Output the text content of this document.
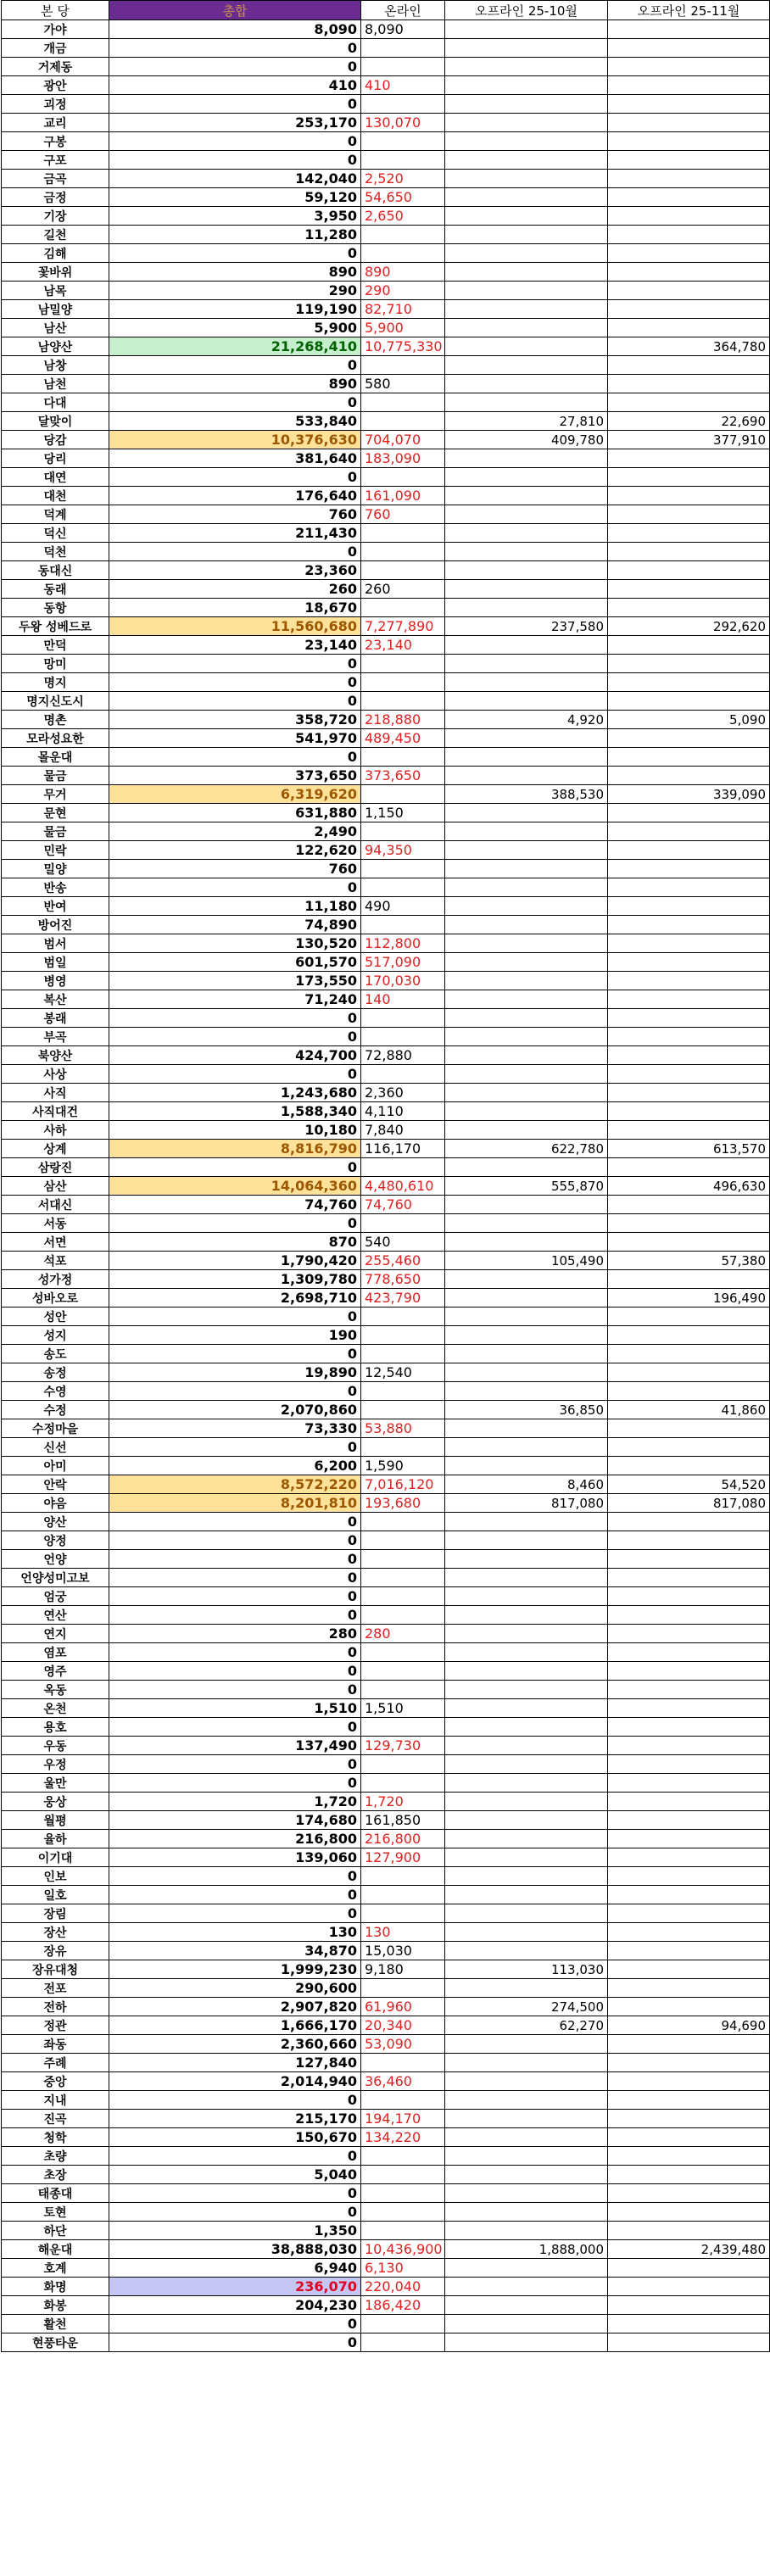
본 당	총합	온라인	오프라인 25-10월	오프라인 25-11월
가야	8,090	8,090		
개금	0			
거제동	0			
광안	410	410		
괴정	0			
교리	253,170	130,070		
구봉	0			
구포	0			
금곡	142,040	2,520		
금정	59,120	54,650		
기장	3,950	2,650		
길천	11,280			
김해	0			
꽃바위	890	890		
남목	290	290		
남밀양	119,190	82,710		
남산	5,900	5,900		
남양산	21,268,410	10,775,330		364,780
남창	0			
남천	890	580		
다대	0			
달맞이	533,840		27,810	22,690
당감	10,376,630	704,070	409,780	377,910
당리	381,640	183,090		
대연	0			
대천	176,640	161,090		
덕계	760	760		
덕신	211,430			
덕천	0			
동대신	23,360			
동래	260	260		
동항	18,670			
두왕 성베드로	11,560,680	7,277,890	237,580	292,620
만덕	23,140	23,140		
망미	0			
명지	0			
명지신도시	0			
명촌	358,720	218,880	4,920	5,090
모라성요한	541,970	489,450		
몰운대	0			
물금	373,650	373,650		
무거	6,319,620		388,530	339,090
문현	631,880	1,150		
물금	2,490			
민락	122,620	94,350		
밀양	760			
반송	0			
반여	11,180	490		
방어진	74,890			
범서	130,520	112,800		
범일	601,570	517,090		
병영	173,550	170,030		
복산	71,240	140		
봉래	0			
부곡	0			
북양산	424,700	72,880		
사상	0			
사직	1,243,680	2,360		
사직대건	1,588,340	4,110		
사하	10,180	7,840		
상계	8,816,790	116,170	622,780	613,570
삼랑진	0			
삼산	14,064,360	4,480,610	555,870	496,630
서대신	74,760	74,760		
서동	0			
서면	870	540		
석포	1,790,420	255,460	105,490	57,380
성가정	1,309,780	778,650		
성바오로	2,698,710	423,790		196,490
성안	0			
성지	190			
송도	0			
송정	19,890	12,540		
수영	0			
수정	2,070,860		36,850	41,860
수정마을	73,330	53,880		
신선	0			
아미	6,200	1,590		
안락	8,572,220	7,016,120	8,460	54,520
야음	8,201,810	193,680	817,080	817,080
양산	0			
양정	0			
언양	0			
언양성미고보	0			
엄궁	0			
연산	0			
연지	280	280		
염포	0			
영주	0			
옥동	0			
온천	1,510	1,510		
용호	0			
우동	137,490	129,730		
우정	0			
울만	0			
웅상	1,720	1,720		
월평	174,680	161,850		
율하	216,800	216,800		
이기대	139,060	127,900		
인보	0			
일호	0			
장림	0			
장산	130	130		
장유	34,870	15,030		
장유대청	1,999,230	9,180	113,030	
전포	290,600			
전하	2,907,820	61,960	274,500	
정관	1,666,170	20,340	62,270	94,690
좌동	2,360,660	53,090		
주례	127,840			
중앙	2,014,940	36,460		
지내	0			
진곡	215,170	194,170		
청학	150,670	134,220		
초량	0			
초장	5,040			
태종대	0			
토현	0			
하단	1,350			
해운대	38,888,030	10,436,900	1,888,000	2,439,480
호계	6,940	6,130		
화명	236,070	220,040		
화봉	204,230	186,420		
활천	0			
현풍타운	0			
